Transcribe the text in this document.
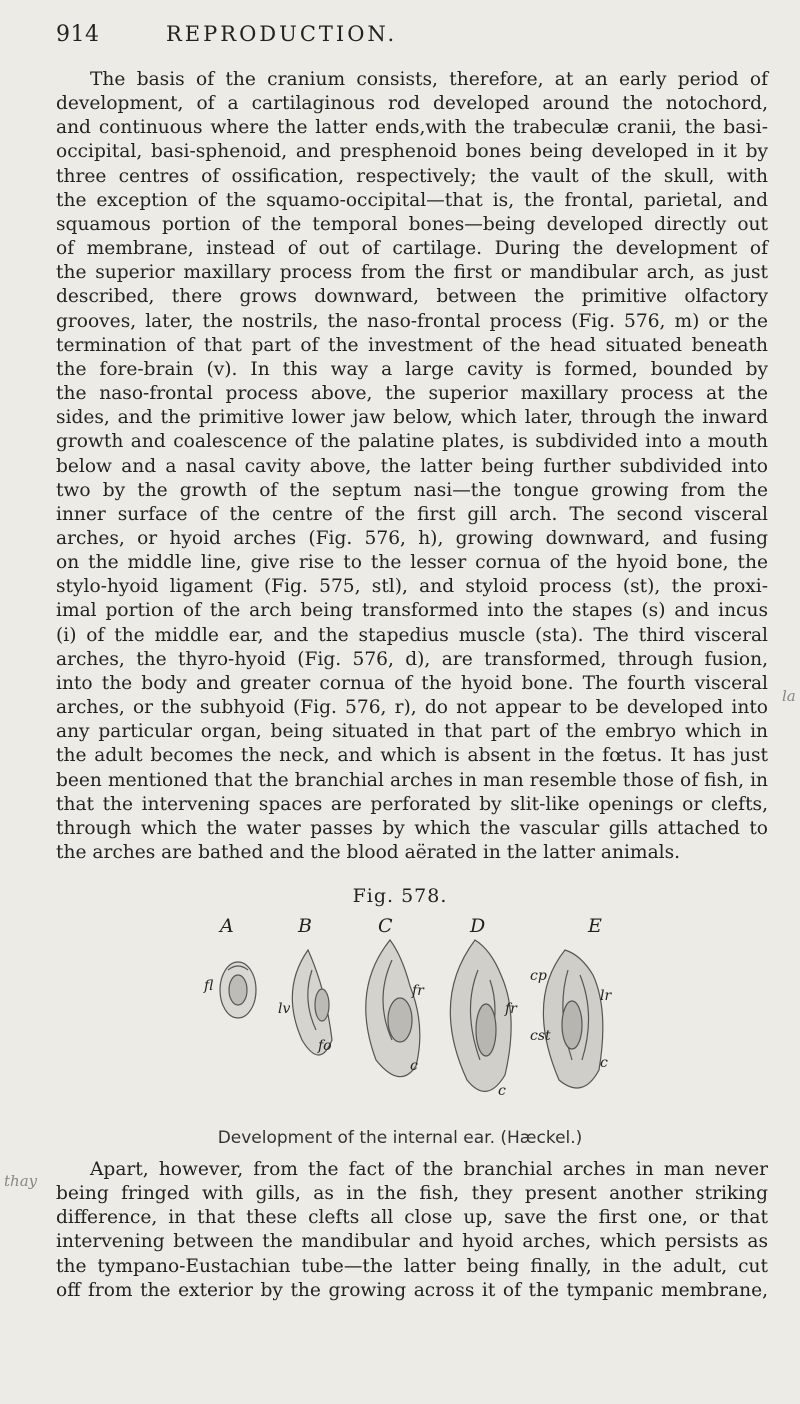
914	REPRODUCTION.
The basis of the cranium consists, therefore, at an early period of
development, of a cartilaginous rod developed around the notochord,
and continuous where the latter ends,with the trabeculæ cranii, the basi-
occipital, basi-sphenoid, and presphenoid bones being developed in it by
three centres of ossification, respectively; the vault of the skull, with
the exception of the squamo-occipital—that is, the frontal, parietal, and
squamous portion of the temporal bones—being developed directly out
of membrane, instead of out of cartilage. During the development of
the superior maxillary process from the first or mandibular arch, as just
described, there grows downward, between the primitive olfactory
grooves, later, the nostrils, the naso-frontal process (Fig. 576, m) or the
termination of that part of the investment of the head situated beneath
the fore-brain (v). In this way a large cavity is formed, bounded by
the naso-frontal process above, the superior maxillary process at the
sides, and the primitive lower jaw below, which later, through the inward
growth and coalescence of the palatine plates, is subdivided into a mouth
below and a nasal cavity above, the latter being further subdivided into
two by the growth of the septum nasi—the tongue growing from the
inner surface of the centre of the first gill arch. The second visceral
arches, or hyoid arches (Fig. 576, h), growing downward, and fusing
on the middle line, give rise to the lesser cornua of the hyoid bone, the
stylo-hyoid ligament (Fig. 575, stl), and styloid process (st), the proxi-
imal portion of the arch being transformed into the stapes (s) and incus
(i) of the middle ear, and the stapedius muscle (sta). The third visceral
arches, the thyro-hyoid (Fig. 576, d), are transformed, through fusion,
into the body and greater cornua of the hyoid bone. The fourth visceral
arches, or the subhyoid (Fig. 576, r), do not appear to be developed into
any particular organ, being situated in that part of the embryo which in
the adult becomes the neck, and which is absent in the fœtus. It has just
been mentioned that the branchial arches in man resemble those of fish, in
that the intervening spaces are perforated by slit-like openings or clefts,
through which the water passes by which the vascular gills attached to
the arches are bathed and the blood aërated in the latter animals.
Fig. 578.
A	B	C	D	E
fl
lv
fo
fr
c
fr
c
cp
lr
cst
c
Development of the internal ear. (Hæckel.)
Apart, however, from the fact of the branchial arches in man never
being fringed with gills, as in the fish, they present another striking
difference, in that these clefts all close up, save the first one, or that
intervening between the mandibular and hyoid arches, which persists as
the tympano-Eustachian tube—the latter being finally, in the adult, cut
off from the exterior by the growing across it of the tympanic membrane,
thay
la
